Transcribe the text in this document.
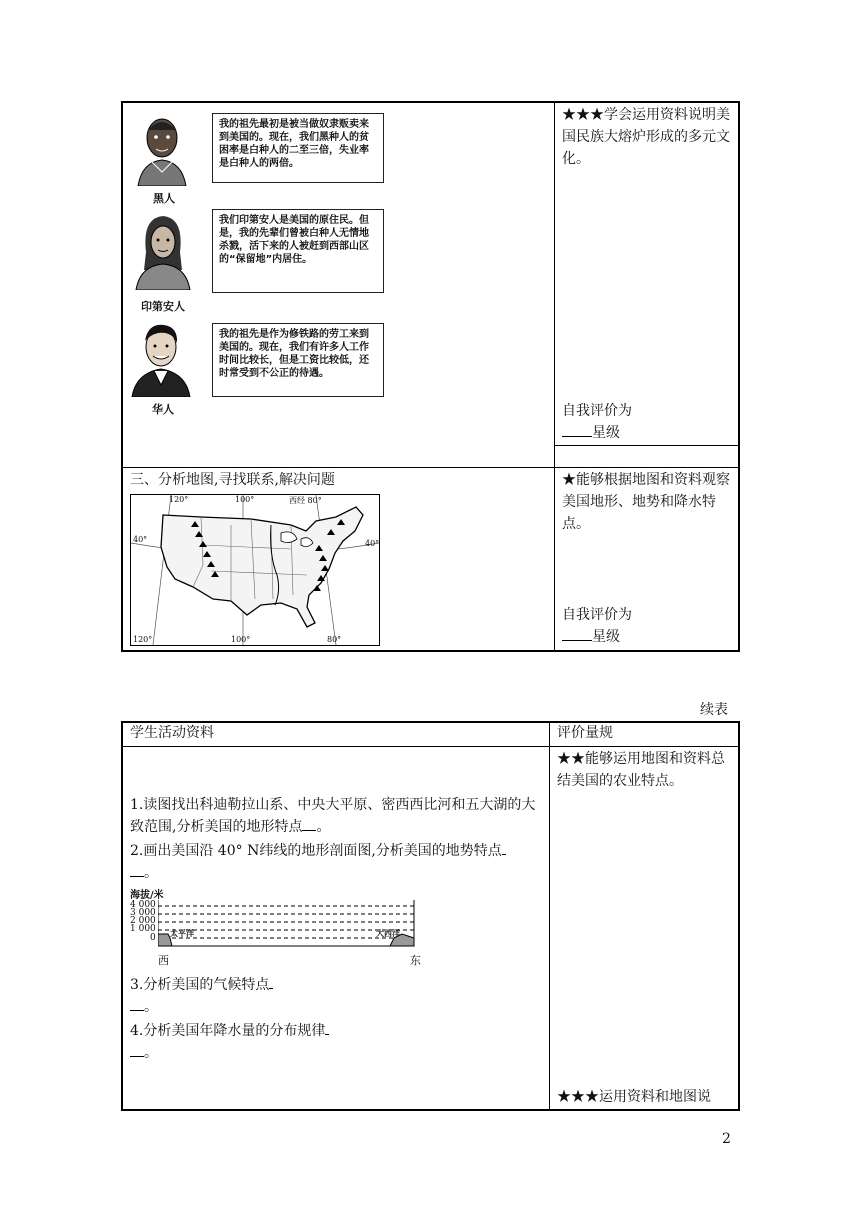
我的祖先最初是被当做奴隶贩卖来到美国的。现在，我们黑种人的贫困率是白种人的二至三倍，失业率是白种人的两倍。
黑人
我们印第安人是美国的原住民。但是，我的先辈们曾被白种人无情地杀戮，活下来的人被赶到西部山区的“保留地”内居住。
印第安人
我的祖先是作为修铁路的劳工来到美国的。现在，我们有许多人工作时间比较长，但是工资比较低，还时常受到不公正的待遇。
华人
★★★学会运用资料说明美国民族大熔炉形成的多元文化。
自我评价为
星级
三、分析地图,寻找联系,解决问题
120°	100°	西经 80°
40°	40°
120°	100°	80°
★能够根据地图和资料观察美国地形、地势和降水特点。
自我评价为
星级
续表
学生活动资料	评价量规
★★能够运用地图和资料总结美国的农业特点。
1.读图找出科迪勒拉山系、中央大平原、密西西比河和五大湖的大致范围,分析美国的地形特点 。
2.画出美国沿 40° N纬线的地形剖面图,分析美国的地势特点
。
海拔/米
4 000
3 000
2 000
1 000
0 太平洋	大西洋
西	东
3.分析美国的气候特点
。
4.分析美国年降水量的分布规律
。
★★★运用资料和地图说
2
